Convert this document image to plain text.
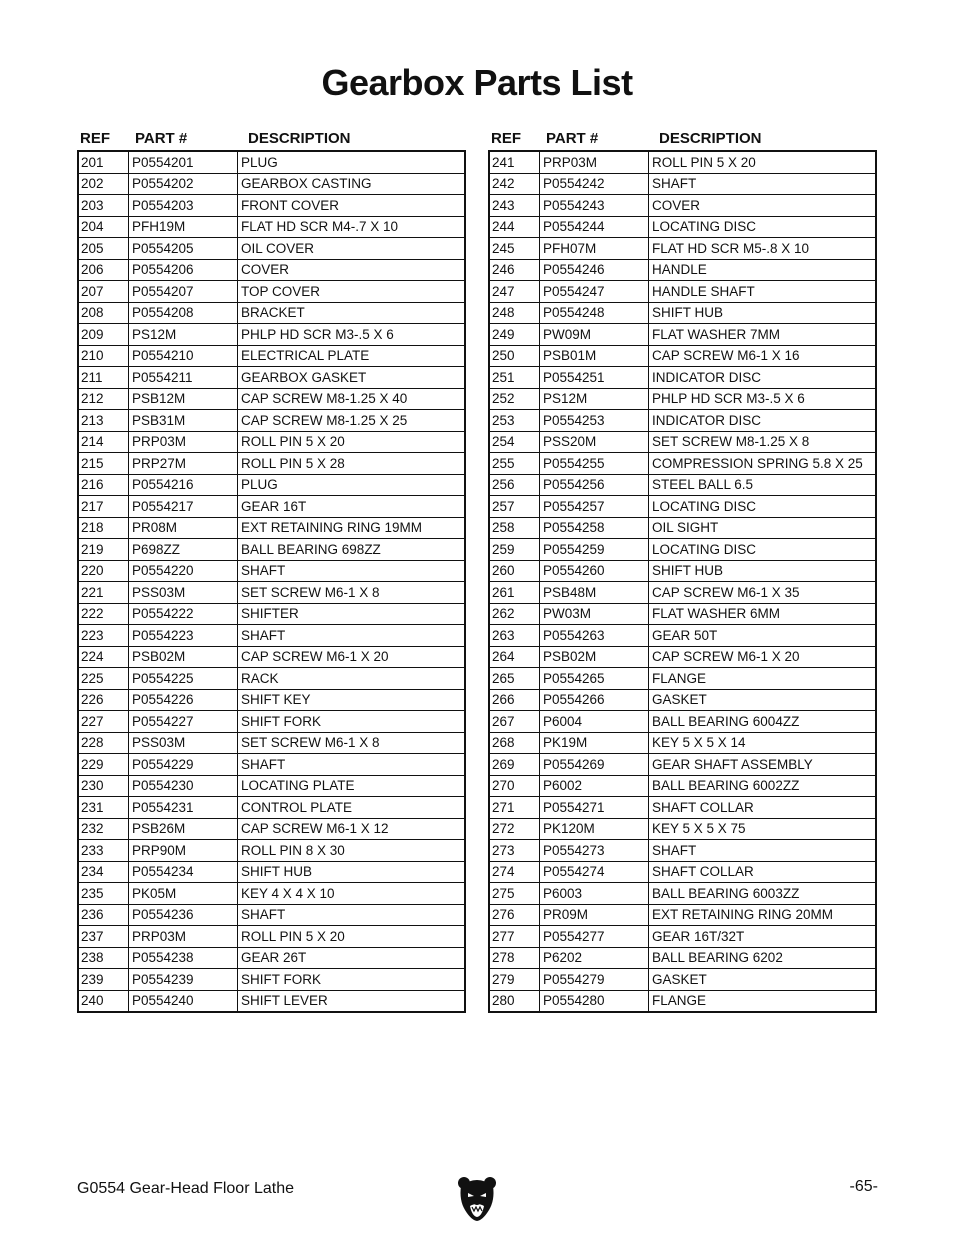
Gearbox Parts List
REF	PART #	DESCRIPTION
201	P0554201	PLUG
202	P0554202	GEARBOX CASTING
203	P0554203	FRONT COVER
204	PFH19M	FLAT HD SCR M4-.7 X 10
205	P0554205	OIL COVER
206	P0554206	COVER
207	P0554207	TOP COVER
208	P0554208	BRACKET
209	PS12M	PHLP HD SCR M3-.5 X 6
210	P0554210	ELECTRICAL PLATE
211	P0554211	GEARBOX GASKET
212	PSB12M	CAP SCREW M8-1.25 X 40
213	PSB31M	CAP SCREW M8-1.25 X 25
214	PRP03M	ROLL PIN 5 X 20
215	PRP27M	ROLL PIN 5 X 28
216	P0554216	PLUG
217	P0554217	GEAR 16T
218	PR08M	EXT RETAINING RING 19MM
219	P698ZZ	BALL BEARING 698ZZ
220	P0554220	SHAFT
221	PSS03M	SET SCREW M6-1 X 8
222	P0554222	SHIFTER
223	P0554223	SHAFT
224	PSB02M	CAP SCREW M6-1 X 20
225	P0554225	RACK
226	P0554226	SHIFT KEY
227	P0554227	SHIFT FORK
228	PSS03M	SET SCREW M6-1 X 8
229	P0554229	SHAFT
230	P0554230	LOCATING PLATE
231	P0554231	CONTROL PLATE
232	PSB26M	CAP SCREW M6-1 X 12
233	PRP90M	ROLL PIN 8 X 30
234	P0554234	SHIFT HUB
235	PK05M	KEY 4 X 4 X 10
236	P0554236	SHAFT
237	PRP03M	ROLL PIN 5 X 20
238	P0554238	GEAR 26T
239	P0554239	SHIFT FORK
240	P0554240	SHIFT LEVER
REF	PART #	DESCRIPTION
241	PRP03M	ROLL PIN 5 X 20
242	P0554242	SHAFT
243	P0554243	COVER
244	P0554244	LOCATING DISC
245	PFH07M	FLAT HD SCR M5-.8 X 10
246	P0554246	HANDLE
247	P0554247	HANDLE SHAFT
248	P0554248	SHIFT HUB
249	PW09M	FLAT WASHER 7MM
250	PSB01M	CAP SCREW M6-1 X 16
251	P0554251	INDICATOR DISC
252	PS12M	PHLP HD SCR M3-.5 X 6
253	P0554253	INDICATOR DISC
254	PSS20M	SET SCREW M8-1.25 X 8
255	P0554255	COMPRESSION SPRING 5.8 X 25
256	P0554256	STEEL BALL 6.5
257	P0554257	LOCATING DISC
258	P0554258	OIL SIGHT
259	P0554259	LOCATING DISC
260	P0554260	SHIFT HUB
261	PSB48M	CAP SCREW M6-1 X 35
262	PW03M	FLAT WASHER 6MM
263	P0554263	GEAR 50T
264	PSB02M	CAP SCREW M6-1 X 20
265	P0554265	FLANGE
266	P0554266	GASKET
267	P6004	BALL BEARING 6004ZZ
268	PK19M	KEY 5 X 5 X 14
269	P0554269	GEAR SHAFT ASSEMBLY
270	P6002	BALL BEARING 6002ZZ
271	P0554271	SHAFT COLLAR
272	PK120M	KEY 5 X 5 X 75
273	P0554273	SHAFT
274	P0554274	SHAFT COLLAR
275	P6003	BALL BEARING 6003ZZ
276	PR09M	EXT RETAINING RING 20MM
277	P0554277	GEAR 16T/32T
278	P6202	BALL BEARING 6202
279	P0554279	GASKET
280	P0554280	FLANGE
G0554 Gear-Head Floor Lathe	-65-
